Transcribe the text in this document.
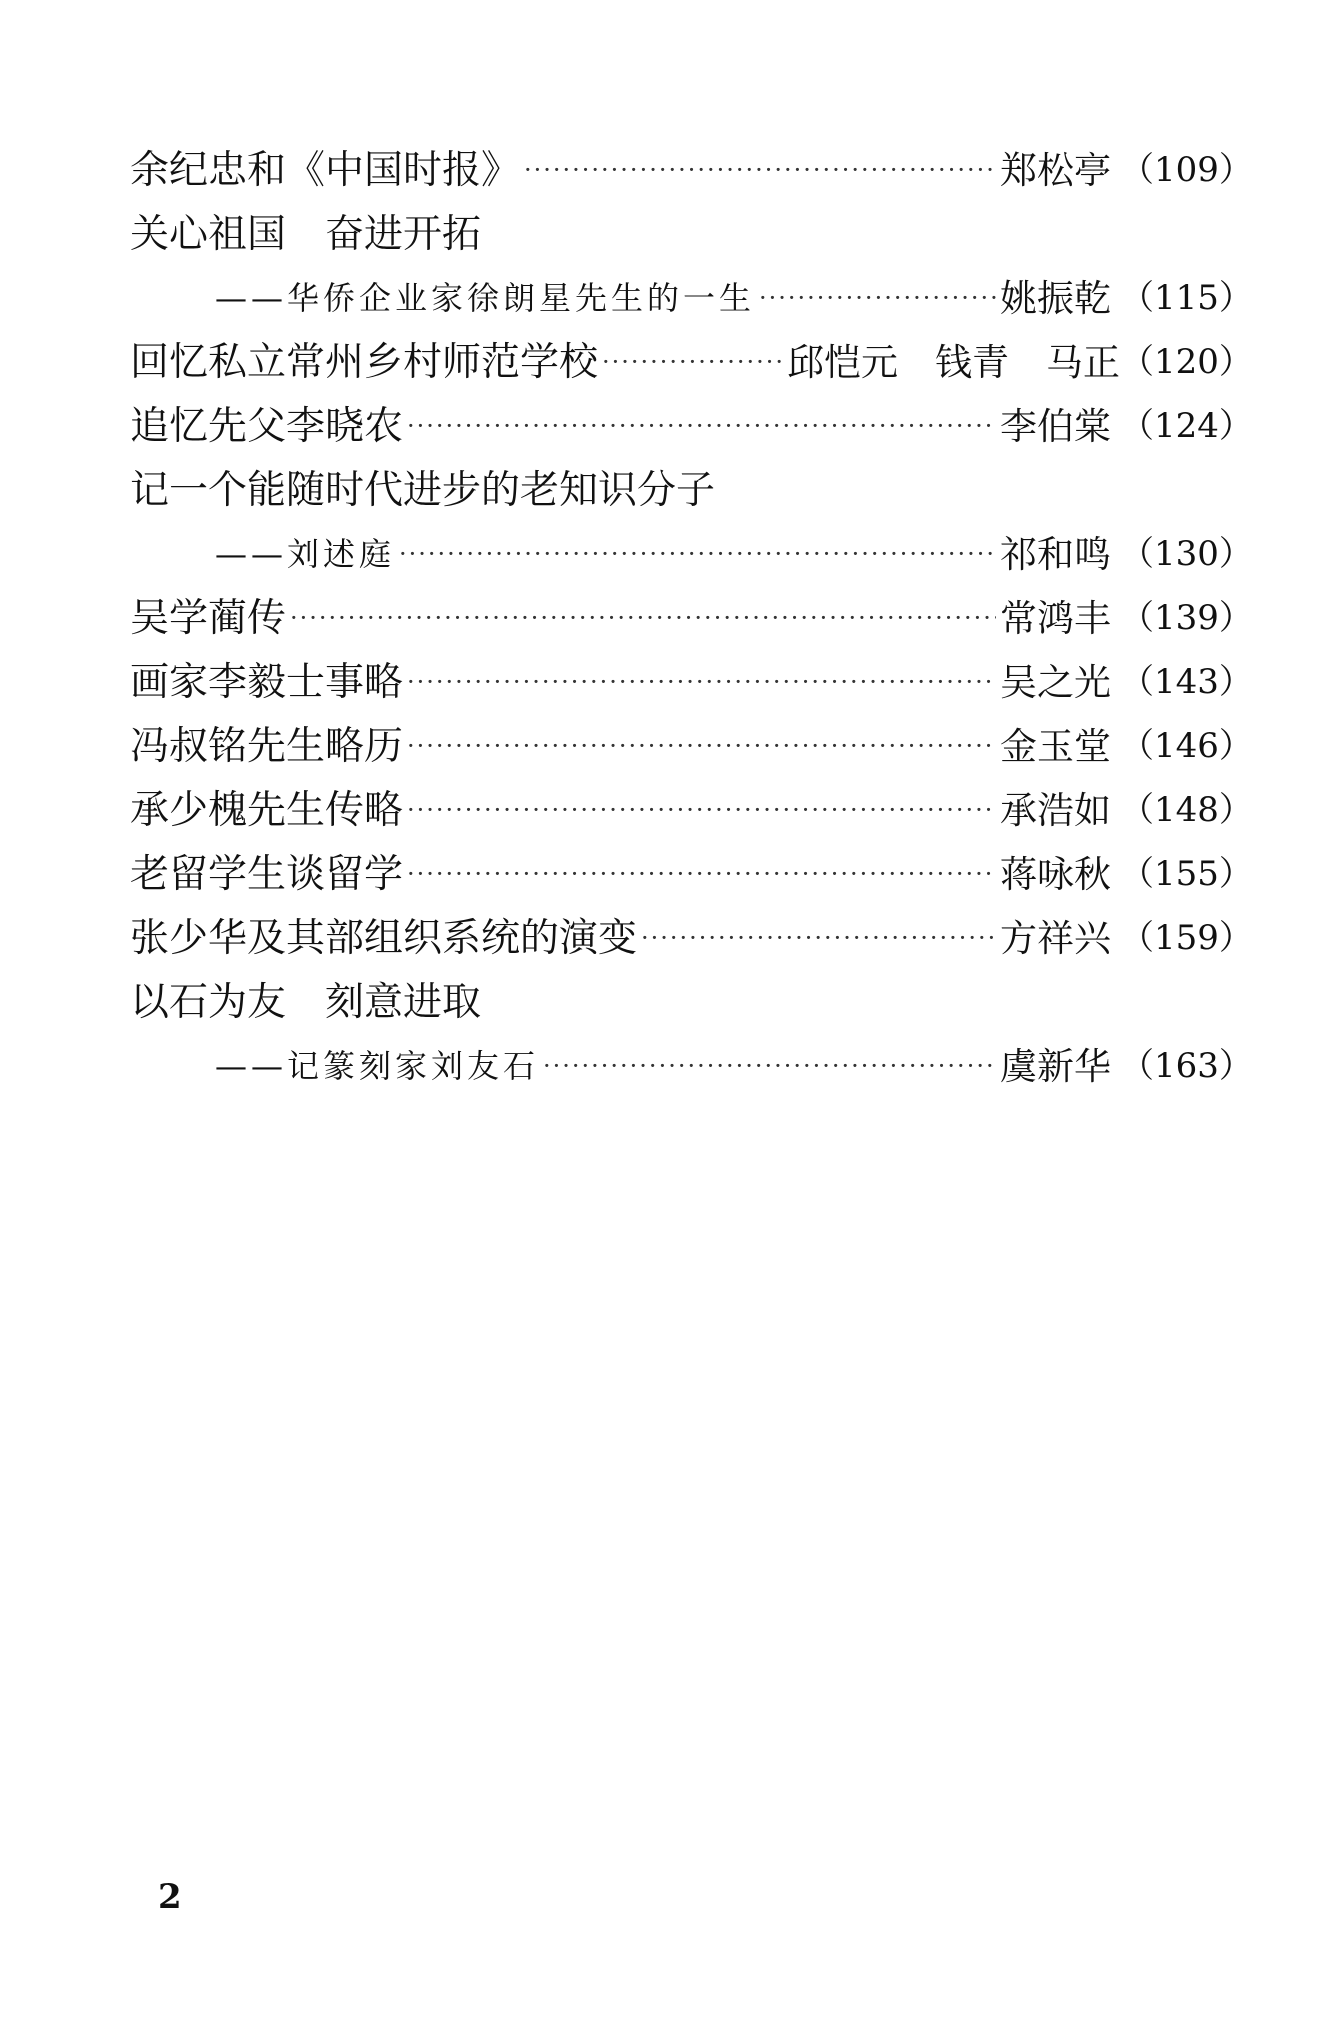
余纪忠和《中国时报》 ·····	郑松亭 （109）
关心祖国　奋进开拓
——华侨企业家徐朗星先生的一生 ·····	姚振乾 （115）
回忆私立常州乡村师范学校 ·····	邱恺元　钱青　马正 （120）
追忆先父李晓农 ·····	李伯棠 （124）
记一个能随时代进步的老知识分子
——刘述庭 ·····	祁和鸣 （130）
吴学蔺传 ·····	常鸿丰 （139）
画家李毅士事略 ·····	吴之光 （143）
冯叔铭先生略历 ·····	金玉堂 （146）
承少槐先生传略 ·····	承浩如 （148）
老留学生谈留学 ·····	蒋咏秋 （155）
张少华及其部组织系统的演变 ·····	方祥兴 （159）
以石为友　刻意进取
——记篆刻家刘友石 ·····	虞新华 （163）
2
